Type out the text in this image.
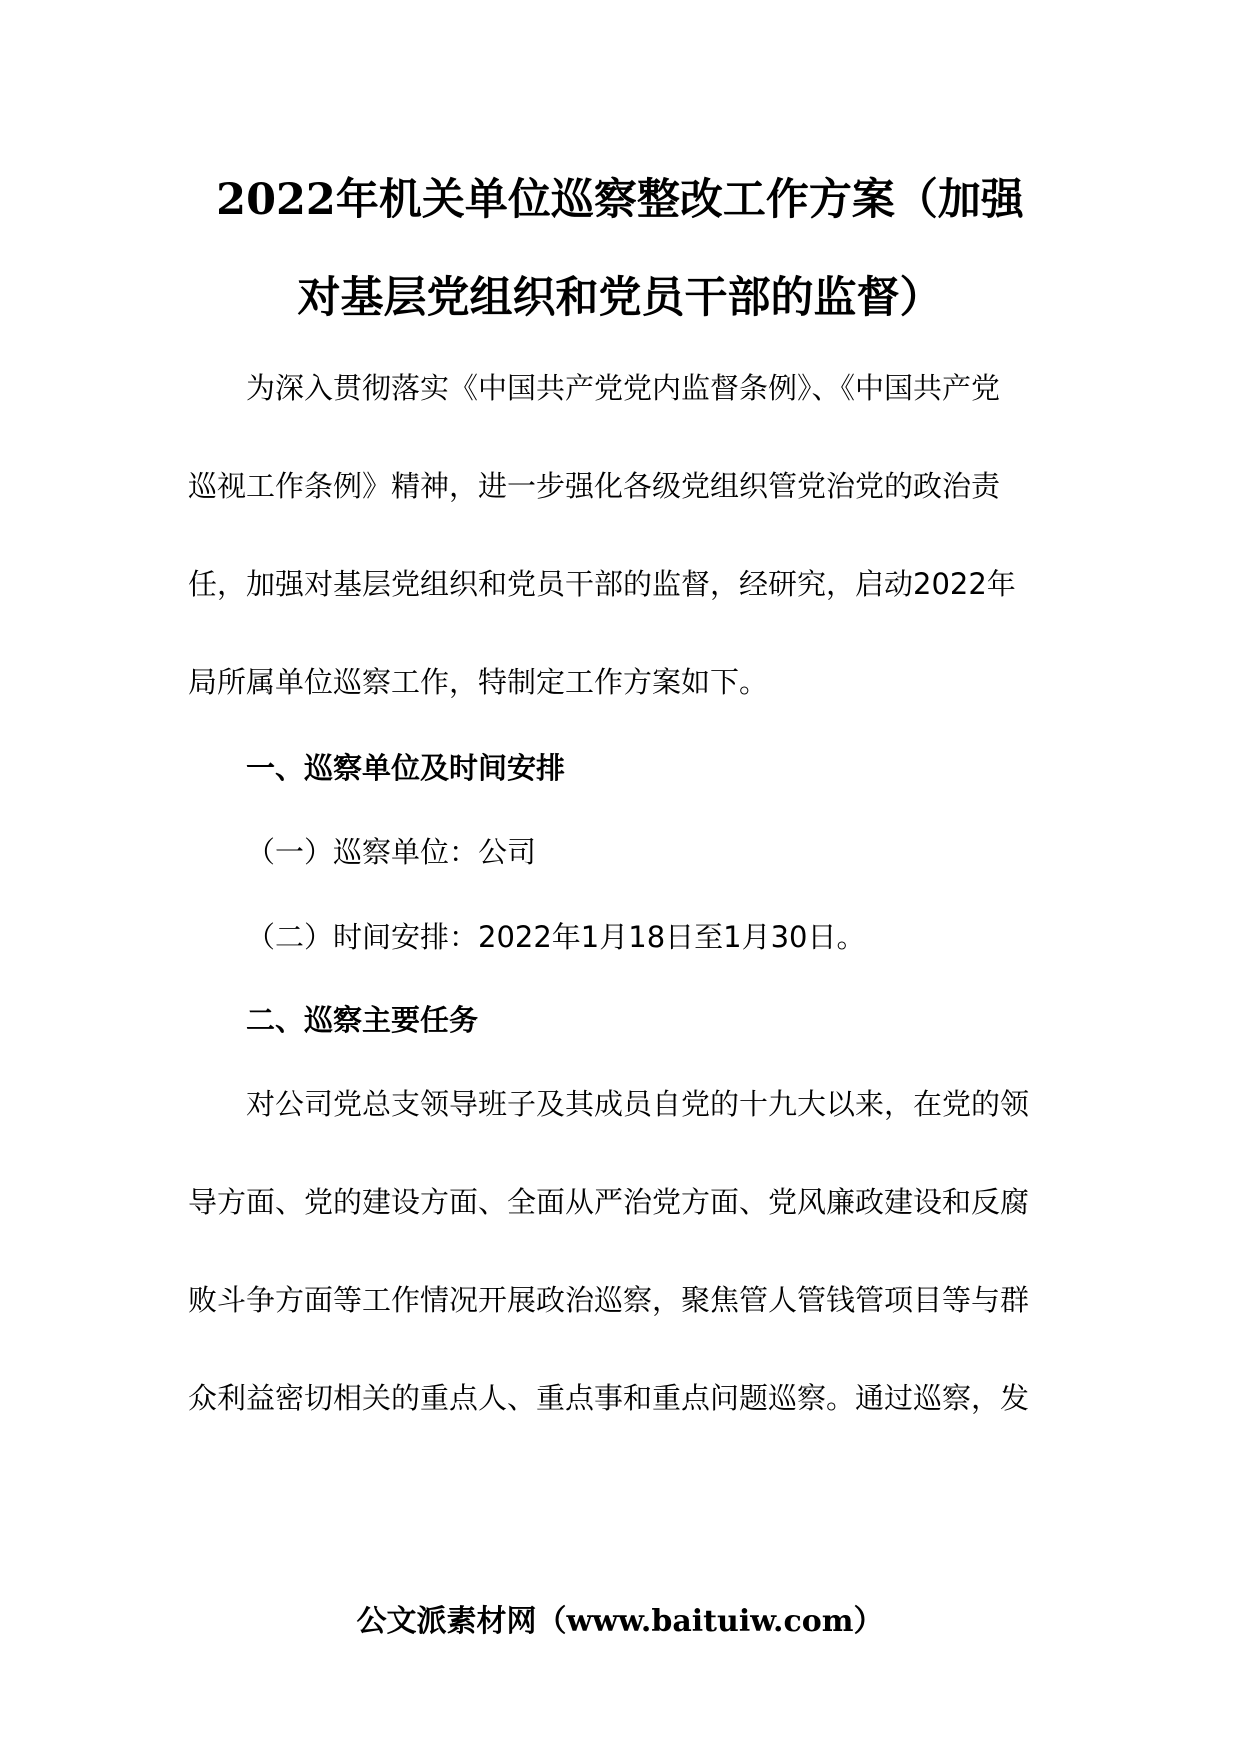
2022年机关单位巡察整改工作方案（加强
对基层党组织和党员干部的监督）
为深入贯彻落实《中国共产党党内监督条例》、《中国共产党
巡视工作条例》精神，进一步强化各级党组织管党治党的政治责
任，加强对基层党组织和党员干部的监督，经研究，启动2022年
局所属单位巡察工作，特制定工作方案如下。
一、巡察单位及时间安排
（一）巡察单位：公司
（二）时间安排：2022年1月18日至1月30日。
二、巡察主要任务
对公司党总支领导班子及其成员自党的十九大以来，在党的领
导方面、党的建设方面、全面从严治党方面、党风廉政建设和反腐
败斗争方面等工作情况开展政治巡察，聚焦管人管钱管项目等与群
众利益密切相关的重点人、重点事和重点问题巡察。通过巡察，发
公文派素材网（www.baituiw.com）
